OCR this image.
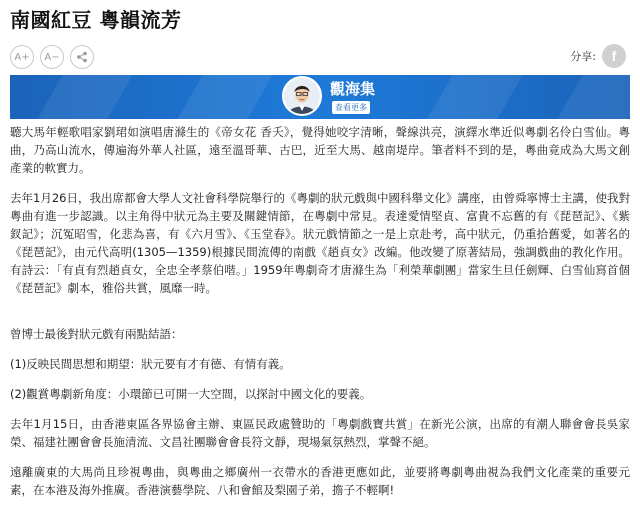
南國紅豆 粵韻流芳
A+	A−	分享:	f
觀海集
查看更多

聽大馬年輕歌唱家劉珺如演唱唐滌生的《帝女花 香夭》，覺得她咬字清晰，聲線洪亮，演繹水準近似粵劇名伶白雪仙。粵曲，乃高山流水，傳遍海外華人社區，遠至溫哥華、古巴，近至大馬、越南堤岸。筆者料不到的是，粵曲竟成為大馬文創產業的軟實力。

去年1月26日，我出席都會大學人文社會科學院舉行的《粵劇的狀元戲與中國科舉文化》講座，由曾舜寧博士主講，使我對粵曲有進一步認識。以主角得中狀元為主要及關鍵情節，在粵劇中常見。表達愛情堅貞、富貴不忘舊的有《琵琶記》、《紫釵記》；沉冤昭雪，化悲為喜，有《六月雪》、《玉堂春》。狀元戲情節之一是上京赴考，高中狀元，仍重拾舊愛，如著名的《琵琶記》，由元代高明(1305—1359)根據民間流傳的南戲《趙貞女》改編。他改變了原著結局，強調戲曲的教化作用。有詩云：「有貞有烈趙貞女，全忠全孝蔡伯喈。」1959年粵劇奇才唐滌生為「利榮華劇團」當家生旦任劍輝、白雪仙寫首個《琵琶記》劇本，雅俗共賞，風靡一時。

曾博士最後對狀元戲有兩點結語：

(1)反映民間思想和期望：狀元要有才有德、有情有義。

(2)觀賞粵劇新角度：小環節已可開一大空間，以探討中國文化的要義。

去年1月15日，由香港東區各界協會主辦、東區民政處贊助的「粵劇戲寶共賞」在新光公演，出席的有潮人聯會會長吳家榮、福建社團會會長施清流、文昌社團聯會會長符文靜，現場氣氛熱烈，掌聲不絕。

遠離廣東的大馬尚且珍視粵曲，與粵曲之鄉廣州一衣帶水的香港更應如此，並要將粵劇粵曲視為我們文化產業的重要元素，在本港及海外推廣。香港演藝學院、八和會館及梨園子弟，擔子不輕啊!
